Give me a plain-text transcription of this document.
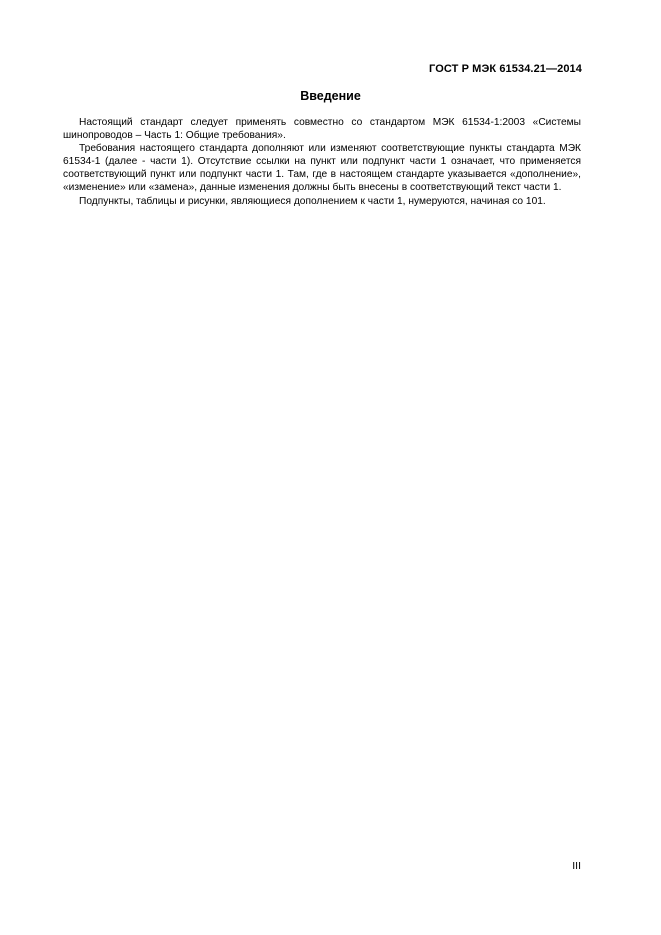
ГОСТ Р МЭК 61534.21—2014
Введение

Настоящий стандарт следует применять совместно со стандартом МЭК 61534-1:2003 «Системы шинопроводов – Часть 1: Общие требования».

Требования настоящего стандарта дополняют или изменяют соответствующие пункты стандарта МЭК 61534-1 (далее - части 1). Отсутствие ссылки на пункт или подпункт части 1 означает, что применяется соответствующий пункт или подпункт части 1. Там, где в настоящем стандарте указывается «дополнение», «изменение» или «замена», данные изменения должны быть внесены в соответствующий текст части 1.

Подпункты, таблицы и рисунки, являющиеся дополнением к части 1, нумеруются, начиная со 101.

III
